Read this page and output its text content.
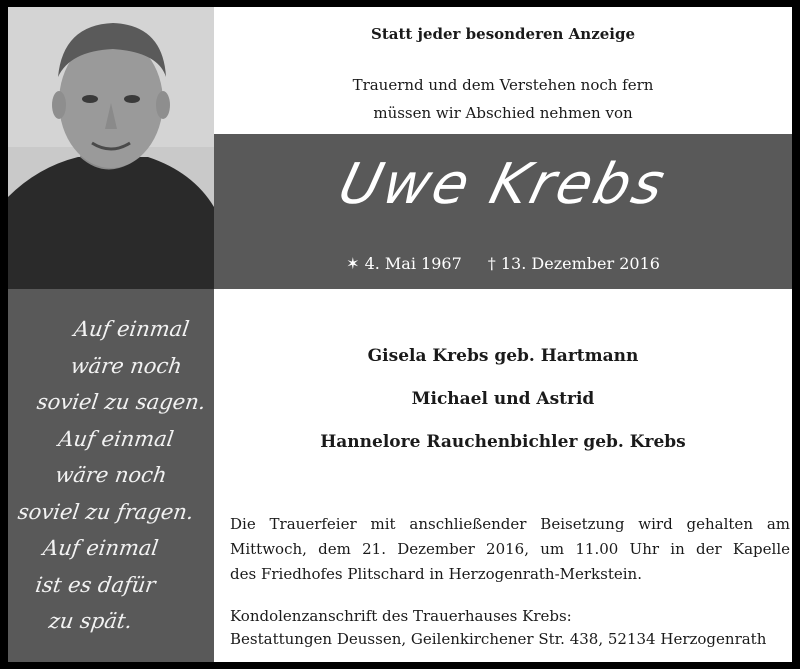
Auf einmal
wäre noch
soviel zu sagen.
Auf einmal
wäre noch
soviel zu fragen.
Auf einmal
ist es dafür
zu spät.
Statt jeder besonderen Anzeige
Trauernd und dem Verstehen noch fern
müssen wir Abschied nehmen von
Uwe Krebs
✶ 4. Mai 1967 † 13. Dezember 2016
Gisela Krebs geb. Hartmann
Michael und Astrid
Hannelore Rauchenbichler geb. Krebs
Die Trauerfeier mit anschließender Beisetzung wird gehalten am
Mittwoch, dem 21. Dezember 2016, um 11.00 Uhr in der Kapelle
des Friedhofes Plitschard in Herzogenrath-Merkstein.
Kondolenzanschrift des Trauerhauses Krebs:
Bestattungen Deussen, Geilenkirchener Str. 438, 52134 Herzogenrath
